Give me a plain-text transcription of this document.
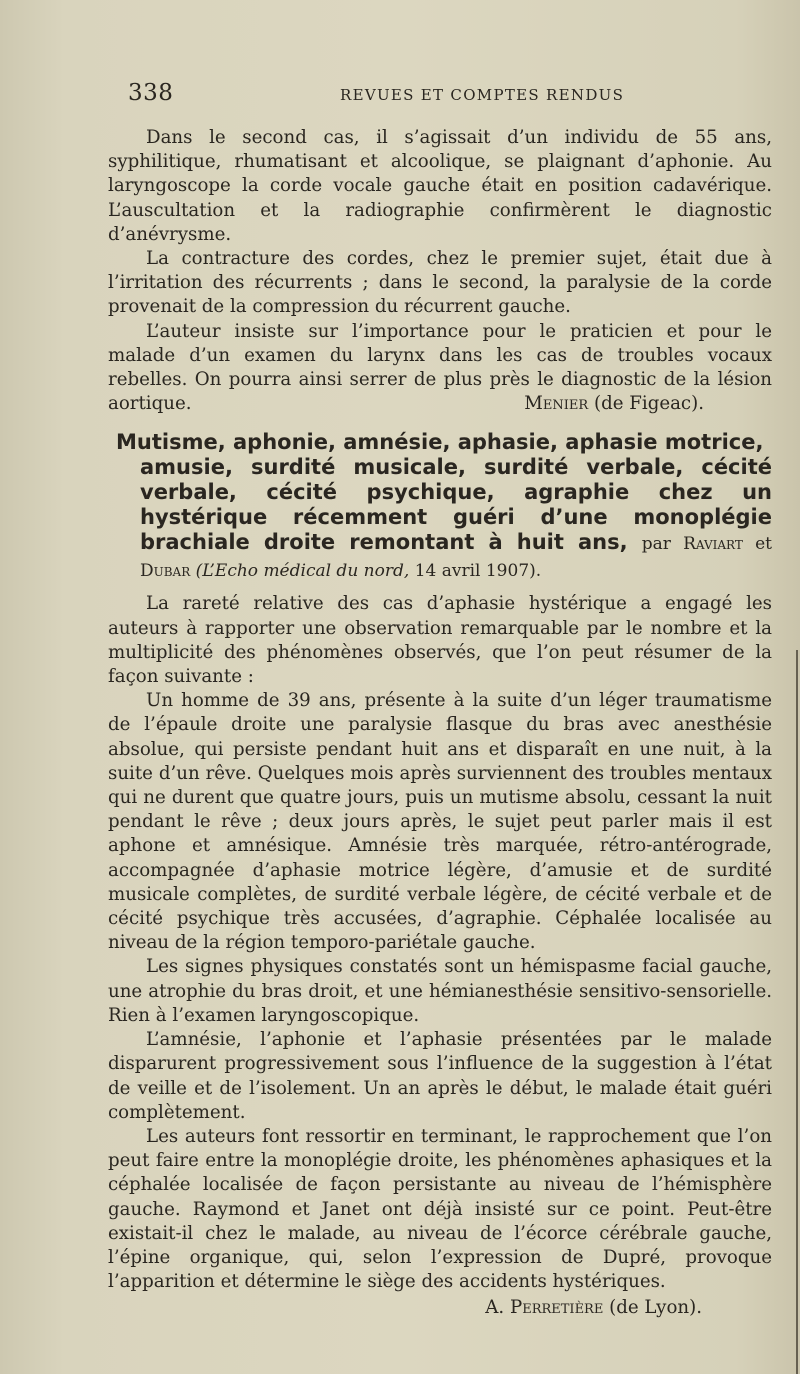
338	REVUES ET COMPTES RENDUS

Dans le second cas, il s’agissait d’un individu de 55 ans, syphilitique, rhumatisant et alcoolique, se plaignant d’aphonie. Au laryngoscope la corde vocale gauche était en position cadavérique. L’auscultation et la radiographie confirmèrent le diagnostic d’anévrysme.

La contracture des cordes, chez le premier sujet, était due à l’irritation des récurrents ; dans le second, la paralysie de la corde provenait de la compression du récurrent gauche.

L’auteur insiste sur l’importance pour le praticien et pour le malade d’un examen du larynx dans les cas de troubles vocaux rebelles. On pourra ainsi serrer de plus près le diagnostic de la lésion aortique.	Menier (de Figeac).

Mutisme, aphonie, amnésie, aphasie, aphasie motrice,
amusie, surdité musicale, surdité verbale, cécité verbale, cécité psychique, agraphie chez un hystérique récemment guéri d’une monoplégie brachiale droite remontant à huit ans, par Raviart et Dubar (L’Echo médical du nord, 14 avril 1907).

La rareté relative des cas d’aphasie hystérique a engagé les auteurs à rapporter une observation remarquable par le nombre et la multiplicité des phénomènes observés, que l’on peut résumer de la façon suivante :

Un homme de 39 ans, présente à la suite d’un léger traumatisme de l’épaule droite une paralysie flasque du bras avec anesthésie absolue, qui persiste pendant huit ans et disparaît en une nuit, à la suite d’un rêve. Quelques mois après surviennent des troubles mentaux qui ne durent que quatre jours, puis un mutisme absolu, cessant la nuit pendant le rêve ; deux jours après, le sujet peut parler mais il est aphone et amnésique. Amnésie très marquée, rétro-antérograde, accompagnée d’aphasie motrice légère, d’amusie et de surdité musicale complètes, de surdité verbale légère, de cécité verbale et de cécité psychique très accusées, d’agraphie. Céphalée localisée au niveau de la région temporo-pariétale gauche.

Les signes physiques constatés sont un hémispasme facial gauche, une atrophie du bras droit, et une hémianesthésie sensitivo-sensorielle. Rien à l’examen laryngoscopique.

L’amnésie, l’aphonie et l’aphasie présentées par le malade disparurent progressivement sous l’influence de la suggestion à l’état de veille et de l’isolement. Un an après le début, le malade était guéri complètement.

Les auteurs font ressortir en terminant, le rapprochement que l’on peut faire entre la monoplégie droite, les phénomènes aphasiques et la céphalée localisée de façon persistante au niveau de l’hémisphère gauche. Raymond et Janet ont déjà insisté sur ce point. Peut-être existait-il chez le malade, au niveau de l’écorce cérébrale gauche, l’épine organique, qui, selon l’expression de Dupré, provoque l’apparition et détermine le siège des accidents hystériques.

A. Perretière (de Lyon).
